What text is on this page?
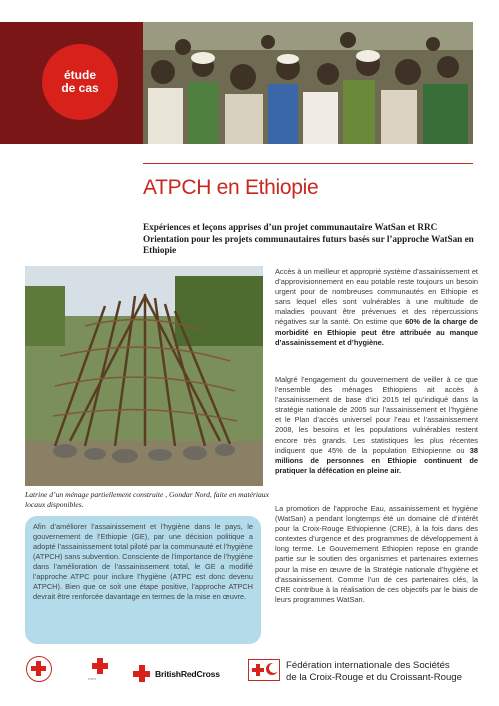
étude
de cas
ATPCH en Ethiopie
Expériences et leçons apprises d’un projet communautaire WatSan et RRC Orientation pour les projets communautaires futurs basés sur l’approche WatSan en Ethiopie
Latrine d’un ménage partiellement construite , Gondar Nord, faite en matériaux locaux disponibles.
Afin d’améliorer l’assainissement et l’hygiène dans le pays, le gouvernement de l’Ethiopie (GE), par une décision politique a adopté l’assainissement total piloté par la communauté et l’hygiène (ATPCH) sans subvention. Consciente de l’importance de l’hygiène dans l’amélioration de l’assainissement total, le GE a modifié l’approche ATPC pour inclure l’hygiène (ATPC est donc devenu ATPCH). Bien que ce soit une étape positive, l’approche ATPCH devrait être renforcée davantage en termes de la mise en œuvre.
Accès à un meilleur et approprié système d’assainissement et d’approvisionnement en eau potable reste toujours un besoin urgent pour de nombreuses communautés en Ethiopie et sans lequel elles sont vulnérables à une multitude de maladies pouvant être prévenues et des répercussions négatives sur la santé. On estime que 60% de la charge de morbidité en Ethiopie peut être attribuée au manque d’assainissement et d’hygiène.
Malgré l’engagement du gouvernement de veiller à ce que l’ensemble des ménages Ethiopiens ait accès à l’assainissement de base d’ici 2015 tel qu’indiqué dans la stratégie nationale de 2005 sur l’assainissement et l’hygiène et le Plan d’accès universel pour l’eau et l’assainissement 2008, les besoins et les populations vulnérables restent encore très grands. Les statistiques les plus récentes indiquent que 45% de la population Ethiopienne ou 38 millions de personnes en Ethiopie continuent de pratiquer la défécation en pleine air.
La promotion de l’approche Eau, assainissement et hygiène (WatSan) a pendant longtemps été un domaine clé d’intérêt pour la Croix-Rouge Ethiopienne (CRE), à la fois dans des contextes d’urgence et des programmes de développement à long terme. Le Gouvernement Ethiopien repose en grande partie sur le soutien des organismes et partenaires externes pour la mise en œuvre de la Stratégie nationale d’hygiène et d’assainissement. Comme l’un de ces partenaires clés, la CRE contribue à la réalisation de ces objectifs par le biais de leurs programmes WatSan.
▪▪▪▪▪▪	BritishRedCross
Fédération internationale des Sociétés
de la Croix-Rouge et du Croissant-Rouge
